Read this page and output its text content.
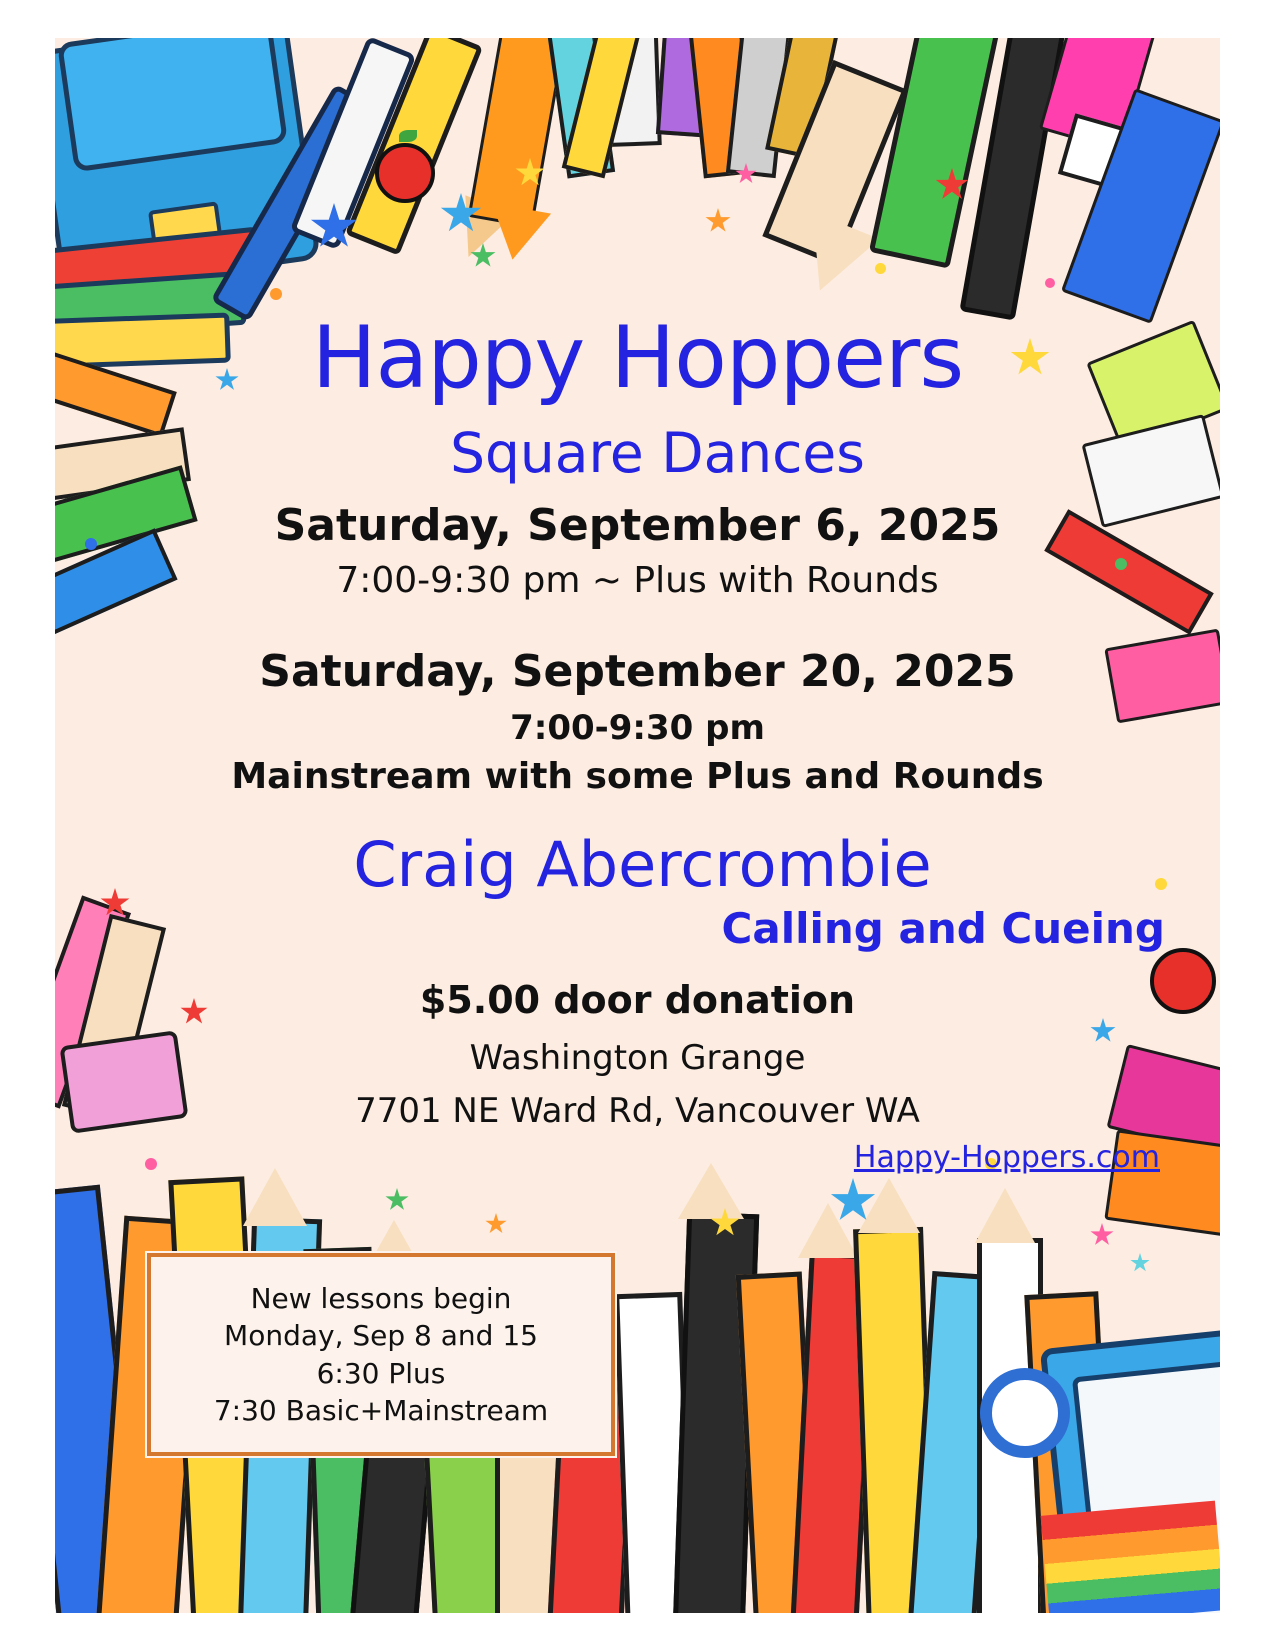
Happy Hoppers
Square Dances
Saturday, September 6, 2025
7:00-9:30 pm ~ Plus with Rounds
Saturday, September 20, 2025
7:00-9:30 pm
Mainstream with some Plus and Rounds
Craig Abercrombie
Calling and Cueing
$5.00 door donation
Washington Grange
7701 NE Ward Rd, Vancouver WA
Happy-Hoppers.com
New lessons begin
Monday, Sep 8 and 15
6:30 Plus
7:30 Basic+Mainstream
